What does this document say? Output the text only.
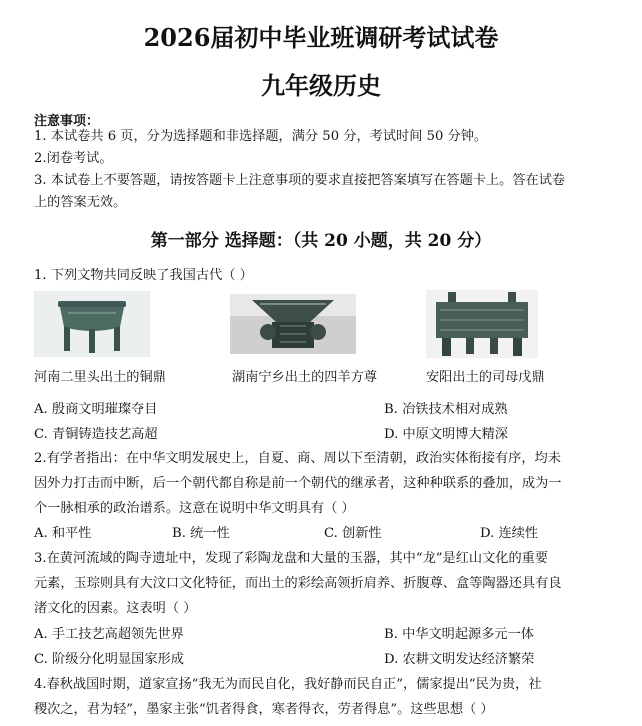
2026届初中毕业班调研考试试卷
九年级历史
注意事项：
1. 本试卷共 6 页，分为选择题和非选择题，满分 50 分，考试时间 50 分钟。
2.闭卷考试。
3. 本试卷上不要答题，请按答题卡上注意事项的要求直接把答案填写在答题卡上。答在试卷
上的答案无效。
第一部分 选择题：（共 20 小题，共 20 分）
1. 下列文物共同反映了我国古代（ ）
河南二里头出土的铜鼎	湖南宁乡出土的四羊方尊	安阳出土的司母戊鼎
A. 殷商文明璀璨夺目	B. 冶铁技术相对成熟
C. 青铜铸造技艺高超	D. 中原文明博大精深
2.有学者指出：在中华文明发展史上，自夏、商、周以下至清朝，政治实体衔接有序，均未
因外力打击而中断，后一个朝代都自称是前一个朝代的继承者，这种种联系的叠加，成为一
个一脉相承的政治谱系。这意在说明中华文明具有（ ）
A. 和平性	B. 统一性	C. 创新性	D. 连续性
3.在黄河流域的陶寺遗址中，发现了彩陶龙盘和大量的玉器，其中“龙”是红山文化的重要
元素，玉琮则具有大汶口文化特征，而出土的彩绘高领折肩养、折腹尊、盒等陶器还具有良
渚文化的因素。这表明（ ）
A. 手工技艺高超领先世界	B. 中华文明起源多元一体
C. 阶级分化明显国家形成	D. 农耕文明发达经济繁荣
4.春秋战国时期，道家宣扬“我无为而民自化，我好静而民自正”，儒家提出“民为贵，社
稷次之，君为轻”，墨家主张“饥者得食，寒者得衣，劳者得息”。这些思想（ ）
